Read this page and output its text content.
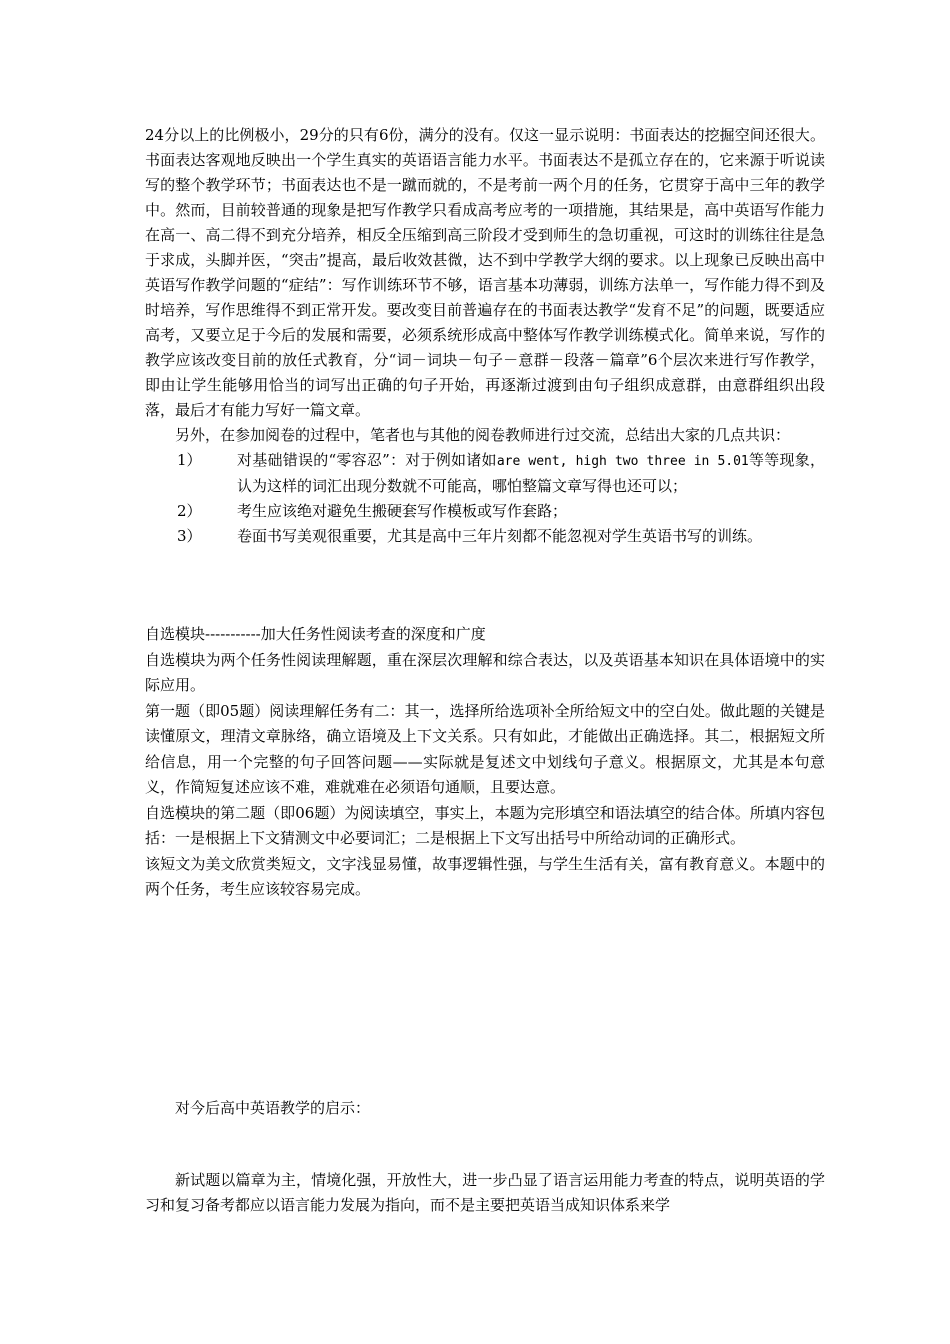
24分以上的比例极小，29分的只有6份，满分的没有。仅这一显示说明：书面表达的挖掘空间还很大。书面表达客观地反映出一个学生真实的英语语言能力水平。书面表达不是孤立存在的，它来源于听说读写的整个教学环节；书面表达也不是一蹴而就的，不是考前一两个月的任务，它贯穿于高中三年的教学中。然而，目前较普通的现象是把写作教学只看成高考应考的一项措施，其结果是，高中英语写作能力在高一、高二得不到充分培养，相反全压缩到高三阶段才受到师生的急切重视，可这时的训练往往是急于求成，头脚并医，“突击”提高，最后收效甚微，达不到中学教学大纲的要求。以上现象已反映出高中英语写作教学问题的“症结”：写作训练环节不够，语言基本功薄弱，训练方法单一，写作能力得不到及时培养，写作思维得不到正常开发。要改变目前普遍存在的书面表达教学“发育不足”的问题，既要适应高考，又要立足于今后的发展和需要，必须系统形成高中整体写作教学训练模式化。简单来说，写作的教学应该改变目前的放任式教育，分“词－词块－句子－意群－段落－篇章”6个层次来进行写作教学，即由让学生能够用恰当的词写出正确的句子开始，再逐渐过渡到由句子组织成意群，由意群组织出段落，最后才有能力写好一篇文章。

另外，在参加阅卷的过程中，笔者也与其他的阅卷教师进行过交流，总结出大家的几点共识：

1）	对基础错误的“零容忍”：对于例如诸如are went, high two three in 5.01等等现象，认为这样的词汇出现分数就不可能高，哪怕整篇文章写得也还可以；
2）	考生应该绝对避免生搬硬套写作模板或写作套路；
3）	卷面书写美观很重要，尤其是高中三年片刻都不能忽视对学生英语书写的训练。

自选模块-----------加大任务性阅读考查的深度和广度

自选模块为两个任务性阅读理解题，重在深层次理解和综合表达，以及英语基本知识在具体语境中的实际应用。

第一题（即05题）阅读理解任务有二：其一，选择所给选项补全所给短文中的空白处。做此题的关键是读懂原文，理清文章脉络，确立语境及上下文关系。只有如此，才能做出正确选择。其二，根据短文所给信息，用一个完整的句子回答问题——实际就是复述文中划线句子意义。根据原文，尤其是本句意义，作简短复述应该不难，难就难在必须语句通顺，且要达意。

自选模块的第二题（即06题）为阅读填空，事实上，本题为完形填空和语法填空的结合体。所填内容包括：一是根据上下文猜测文中必要词汇；二是根据上下文写出括号中所给动词的正确形式。

该短文为美文欣赏类短文，文字浅显易懂，故事逻辑性强，与学生生活有关，富有教育意义。本题中的两个任务，考生应该较容易完成。

对今后高中英语教学的启示：

新试题以篇章为主，情境化强，开放性大，进一步凸显了语言运用能力考查的特点，说明英语的学习和复习备考都应以语言能力发展为指向，而不是主要把英语当成知识体系来学
